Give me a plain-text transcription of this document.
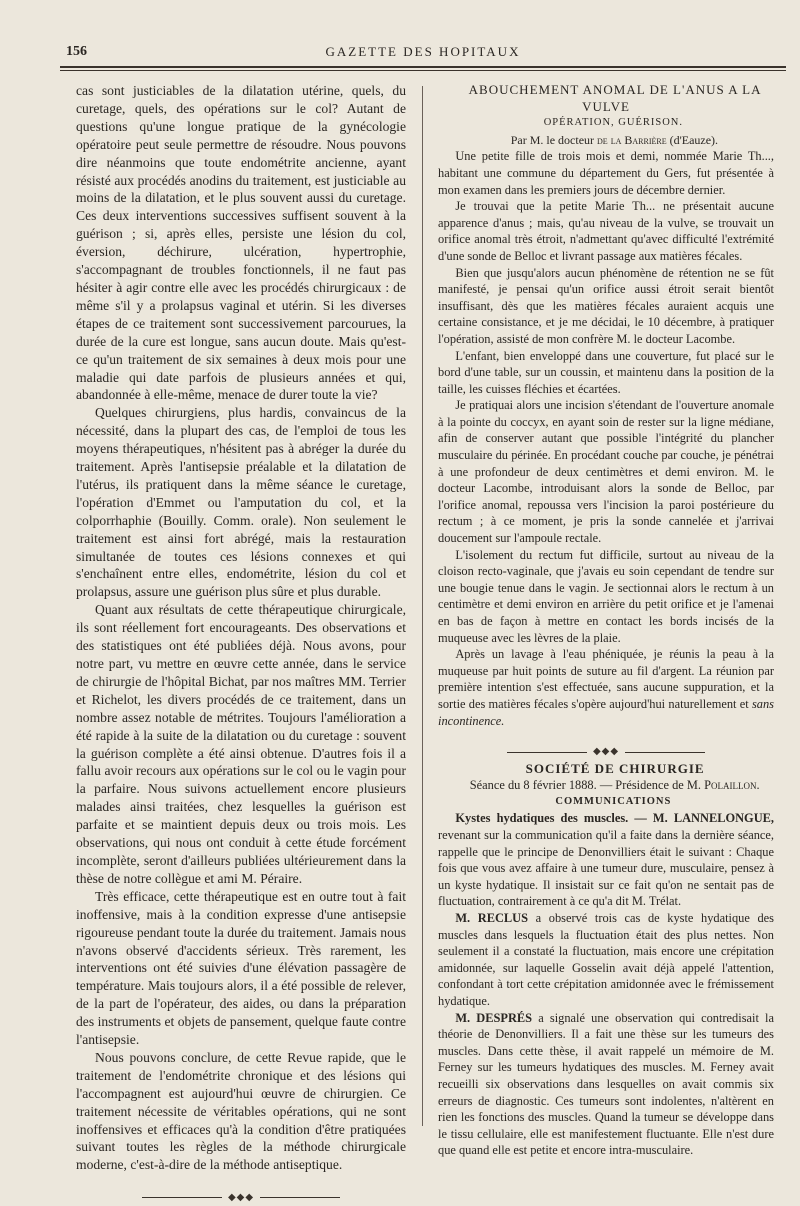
156	GAZETTE DES HOPITAUX

cas sont justiciables de la dilatation utérine, quels, du curetage, quels, des opérations sur le col? Autant de questions qu'une longue pratique de la gynécologie opératoire peut seule permettre de résoudre. Nous pouvons dire néanmoins que toute endométrite ancienne, ayant résisté aux procédés anodins du traitement, est justiciable au moins de la dilatation, et le plus souvent aussi du curetage. Ces deux interventions successives suffisent souvent à la guérison ; si, après elles, persiste une lésion du col, éversion, déchirure, ulcération, hypertrophie, s'accompagnant de troubles fonctionnels, il ne faut pas hésiter à agir contre elle avec les procédés chirurgicaux : de même s'il y a prolapsus vaginal et utérin. Si les diverses étapes de ce traitement sont successivement parcourues, la durée de la cure est longue, sans aucun doute. Mais qu'est-ce qu'un traitement de six semaines à deux mois pour une maladie qui date parfois de plusieurs années et qui, abandonnée à elle-même, menace de durer toute la vie?

Quelques chirurgiens, plus hardis, convaincus de la nécessité, dans la plupart des cas, de l'emploi de tous les moyens thérapeutiques, n'hésitent pas à abréger la durée du traitement. Après l'antisepsie préalable et la dilatation de l'utérus, ils pratiquent dans la même séance le curetage, l'opération d'Emmet ou l'amputation du col, et la colporrhaphie (Bouilly. Comm. orale). Non seulement le traitement est ainsi fort abrégé, mais la restauration simultanée de toutes ces lésions connexes et qui s'enchaînent entre elles, endométrite, lésion du col et prolapsus, assure une guérison plus sûre et plus durable.

Quant aux résultats de cette thérapeutique chirurgicale, ils sont réellement fort encourageants. Des observations et des statistiques ont été publiées déjà. Nous avons, pour notre part, vu mettre en œuvre cette année, dans le service de chirurgie de l'hôpital Bichat, par nos maîtres MM. Terrier et Richelot, les divers procédés de ce traitement, dans un nombre assez notable de métrites. Toujours l'amélioration a été rapide à la suite de la dilatation ou du curetage : souvent la guérison complète a été ainsi obtenue. D'autres fois il a fallu avoir recours aux opérations sur le col ou le vagin pour la parfaire. Nous suivons actuellement encore plusieurs malades ainsi traitées, chez lesquelles la guérison est parfaite et se maintient depuis deux ou trois mois. Les observations, qui nous ont conduit à cette étude forcément incomplète, seront d'ailleurs publiées ultérieurement dans la thèse de notre collègue et ami M. Péraire.

Très efficace, cette thérapeutique est en outre tout à fait inoffensive, mais à la condition expresse d'une antisepsie rigoureuse pendant toute la durée du traitement. Jamais nous n'avons observé d'accidents sérieux. Très rarement, les interventions ont été suivies d'une élévation passagère de température. Mais toujours alors, il a été possible de relever, de la part de l'opérateur, des aides, ou dans la préparation des instruments et objets de pansement, quelque faute contre l'antisepsie.

Nous pouvons conclure, de cette Revue rapide, que le traitement de l'endométrite chronique et des lésions qui l'accompagnent est aujourd'hui œuvre de chirurgien. Ce traitement nécessite de véritables opérations, qui ne sont inoffensives et efficaces qu'à la condition d'être pratiquées suivant toutes les règles de la méthode chirurgicale moderne, c'est-à-dire de la méthode antiseptique.

◆◆◆

ABOUCHEMENT ANOMAL DE L'ANUS A LA VULVE

OPÉRATION, GUÉRISON.

Par M. le docteur de la Barrière (d'Eauze).

Une petite fille de trois mois et demi, nommée Marie Th..., habitant une commune du département du Gers, fut présentée à mon examen dans les premiers jours de décembre dernier.

Je trouvai que la petite Marie Th... ne présentait aucune apparence d'anus ; mais, qu'au niveau de la vulve, se trouvait un orifice anomal très étroit, n'admettant qu'avec difficulté l'extrémité d'une sonde de Belloc et livrant passage aux matières fécales.

Bien que jusqu'alors aucun phénomène de rétention ne se fût manifesté, je pensai qu'un orifice aussi étroit serait bientôt insuffisant, dès que les matières fécales auraient acquis une certaine consistance, et je me décidai, le 10 décembre, à pratiquer l'opération, assisté de mon confrère M. le docteur Lacombe.

L'enfant, bien enveloppé dans une couverture, fut placé sur le bord d'une table, sur un coussin, et maintenu dans la position de la taille, les cuisses fléchies et écartées.

Je pratiquai alors une incision s'étendant de l'ouverture anomale à la pointe du coccyx, en ayant soin de rester sur la ligne médiane, afin de conserver autant que possible l'intégrité du plancher musculaire du périnée. En procédant couche par couche, je pénétrai à une profondeur de deux centimètres et demi environ. M. le docteur Lacombe, introduisant alors la sonde de Belloc, par l'orifice anomal, repoussa vers l'incision la paroi postérieure du rectum ; à ce moment, je pris la sonde cannelée et j'arrivai doucement sur l'ampoule rectale.

L'isolement du rectum fut difficile, surtout au niveau de la cloison recto-vaginale, que j'avais eu soin cependant de tendre sur une bougie tenue dans le vagin. Je sectionnai alors le rectum à un centimètre et demi environ en arrière du petit orifice et je l'amenai en bas de façon à mettre en contact les bords incisés de la muqueuse avec les lèvres de la plaie.

Après un lavage à l'eau phéniquée, je réunis la peau à la muqueuse par huit points de suture au fil d'argent. La réunion par première intention s'est effectuée, sans aucune suppuration, et la sortie des matières fécales s'opère aujourd'hui naturellement et sans incontinence.

◆◆◆

SOCIÉTÉ DE CHIRURGIE

Séance du 8 février 1888. — Présidence de M. Polaillon.

COMMUNICATIONS

Kystes hydatiques des muscles. — M. LANNELONGUE, revenant sur la communication qu'il a faite dans la dernière séance, rappelle que le principe de Denonvilliers était le suivant : Chaque fois que vous avez affaire à une tumeur dure, musculaire, pensez à un kyste hydatique. Il insistait sur ce fait qu'on ne sentait pas de fluctuation, contrairement à ce qu'a dit M. Trélat.

M. RECLUS a observé trois cas de kyste hydatique des muscles dans lesquels la fluctuation était des plus nettes. Non seulement il a constaté la fluctuation, mais encore une crépitation amidonnée, sur laquelle Gosselin avait déjà appelé l'attention, confondant à tort cette crépitation amidonnée avec le frémissement hydatique.

M. DESPRÉS a signalé une observation qui contredisait la théorie de Denonvilliers. Il a fait une thèse sur les tumeurs des muscles. Dans cette thèse, il avait rappelé un mémoire de M. Ferney sur les tumeurs hydatiques des muscles. M. Ferney avait recueilli six observations dans lesquelles on avait commis six erreurs de diagnostic. Ces tumeurs sont indolentes, n'altèrent en rien les fonctions des muscles. Quand la tumeur se développe dans le tissu cellulaire, elle est manifestement fluctuante. Elle n'est dure que quand elle est petite et encore intra-musculaire.
